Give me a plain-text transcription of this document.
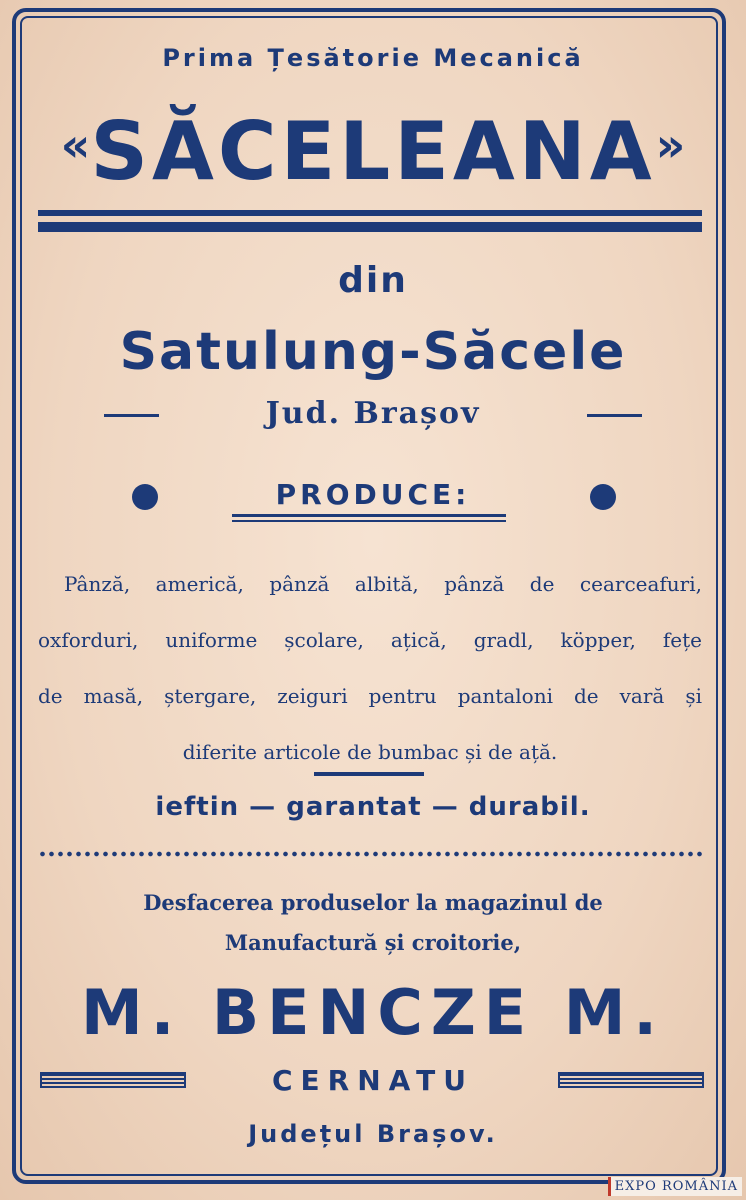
Prima Țesătorie Mecanică
«SĂCELEANA»
din
Satulung-Săcele
Jud. Brașov
PRODUCE:
Pânză, americă, pânză albită, pânză de cearceafuri,
oxforduri, uniforme școlare, ațică, gradl, köpper, fețe
de masă, ștergare, zeiguri pentru pantaloni de vară și
diferite articole de bumbac și de ață.
ieftin — garantat — durabil.
Desfacerea produselor la magazinul de
Manufactură și croitorie,
M. BENCZE M.
CERNATU
Județul Brașov.
EXPO ROMÂNIA
